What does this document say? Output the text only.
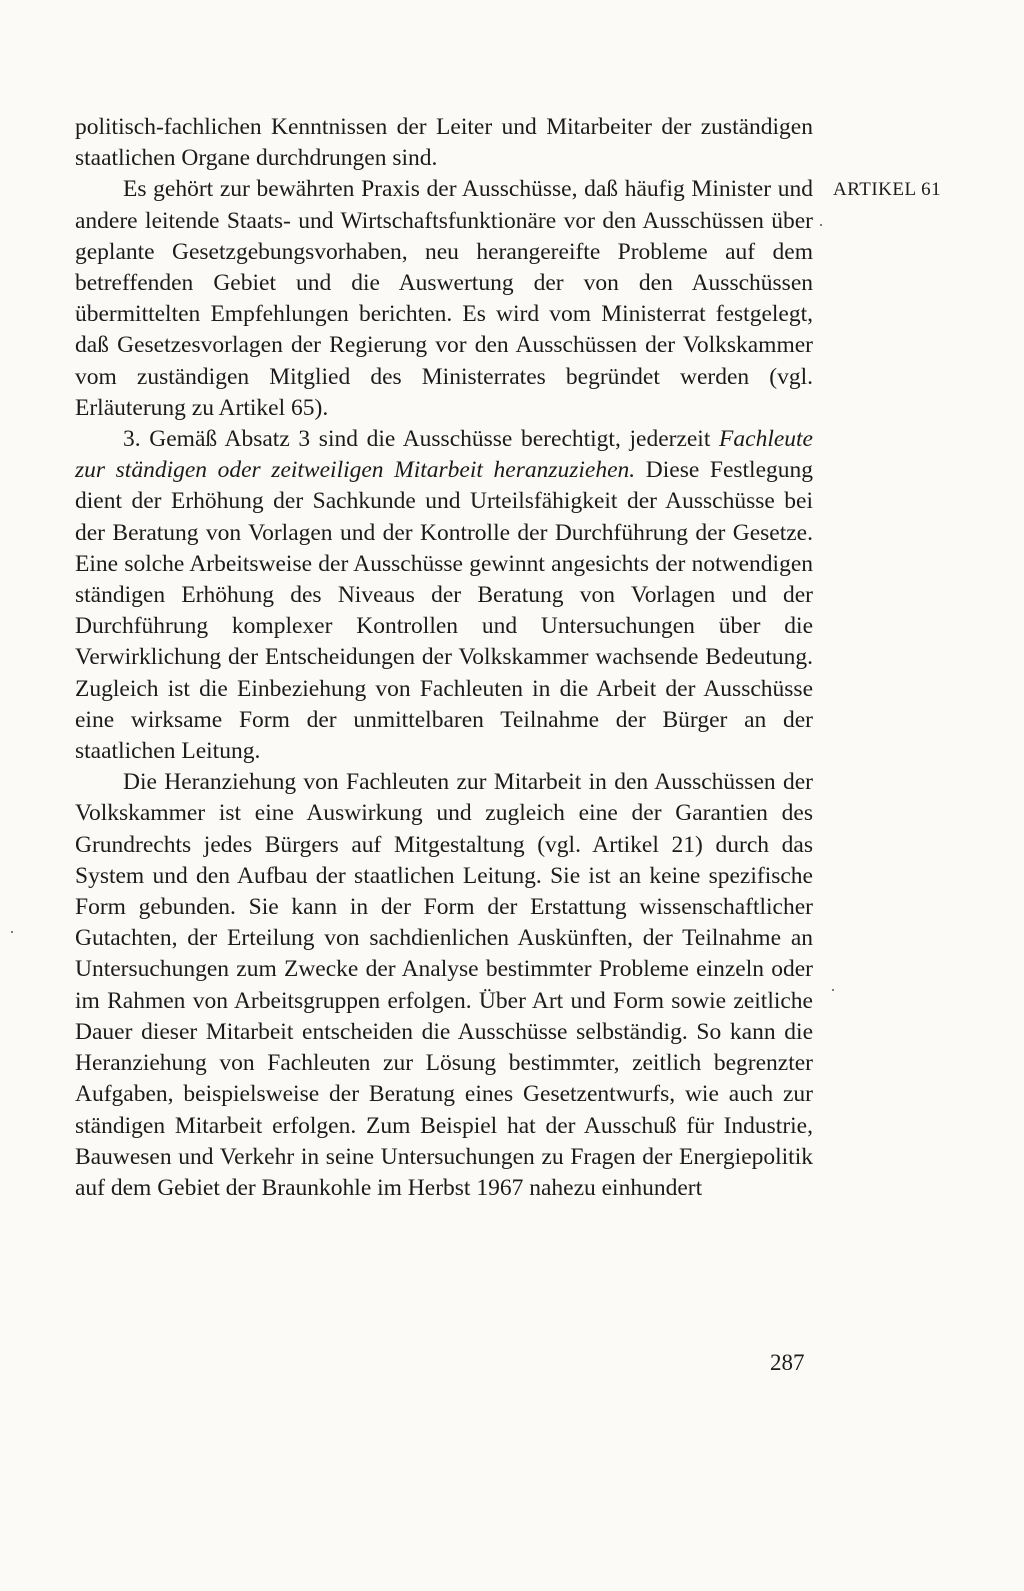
politisch-fachlichen Kenntnissen der Leiter und Mitarbeiter der zuständigen staatlichen Organe durchdrungen sind.

Es gehört zur bewährten Praxis der Ausschüsse, daß häufig Minister und andere leitende Staats- und Wirtschaftsfunktionäre vor den Ausschüssen über geplante Gesetzgebungsvorhaben, neu herangereifte Probleme auf dem betreffenden Gebiet und die Auswertung der von den Ausschüssen übermittelten Empfehlungen berichten. Es wird vom Ministerrat festgelegt, daß Gesetzesvorlagen der Regierung vor den Ausschüssen der Volkskammer vom zuständigen Mitglied des Ministerrates begründet werden (vgl. Erläuterung zu Artikel 65).

3. Gemäß Absatz 3 sind die Ausschüsse berechtigt, jederzeit Fachleute zur ständigen oder zeitweiligen Mitarbeit heranzuziehen. Diese Festlegung dient der Erhöhung der Sachkunde und Urteilsfähigkeit der Ausschüsse bei der Beratung von Vorlagen und der Kontrolle der Durchführung der Gesetze. Eine solche Arbeitsweise der Ausschüsse gewinnt angesichts der notwendigen ständigen Erhöhung des Niveaus der Beratung von Vorlagen und der Durchführung komplexer Kontrollen und Untersuchungen über die Verwirklichung der Entscheidungen der Volkskammer wachsende Bedeutung. Zugleich ist die Einbeziehung von Fachleuten in die Arbeit der Ausschüsse eine wirksame Form der unmittelbaren Teilnahme der Bürger an der staatlichen Leitung.

Die Heranziehung von Fachleuten zur Mitarbeit in den Ausschüssen der Volkskammer ist eine Auswirkung und zugleich eine der Garantien des Grundrechts jedes Bürgers auf Mitgestaltung (vgl. Artikel 21) durch das System und den Aufbau der staatlichen Leitung. Sie ist an keine spezifische Form gebunden. Sie kann in der Form der Erstattung wissenschaftlicher Gutachten, der Erteilung von sachdienlichen Auskünften, der Teilnahme an Untersuchungen zum Zwecke der Analyse bestimmter Probleme einzeln oder im Rahmen von Arbeitsgruppen erfolgen. Über Art und Form sowie zeitliche Dauer dieser Mitarbeit entscheiden die Ausschüsse selbständig. So kann die Heranziehung von Fachleuten zur Lösung bestimmter, zeitlich begrenzter Aufgaben, beispielsweise der Beratung eines Gesetzentwurfs, wie auch zur ständigen Mitarbeit erfolgen. Zum Beispiel hat der Ausschuß für Industrie, Bauwesen und Verkehr in seine Untersuchungen zu Fragen der Energiepolitik auf dem Gebiet der Braunkohle im Herbst 1967 nahezu einhundert

ARTIKEL 61
287
